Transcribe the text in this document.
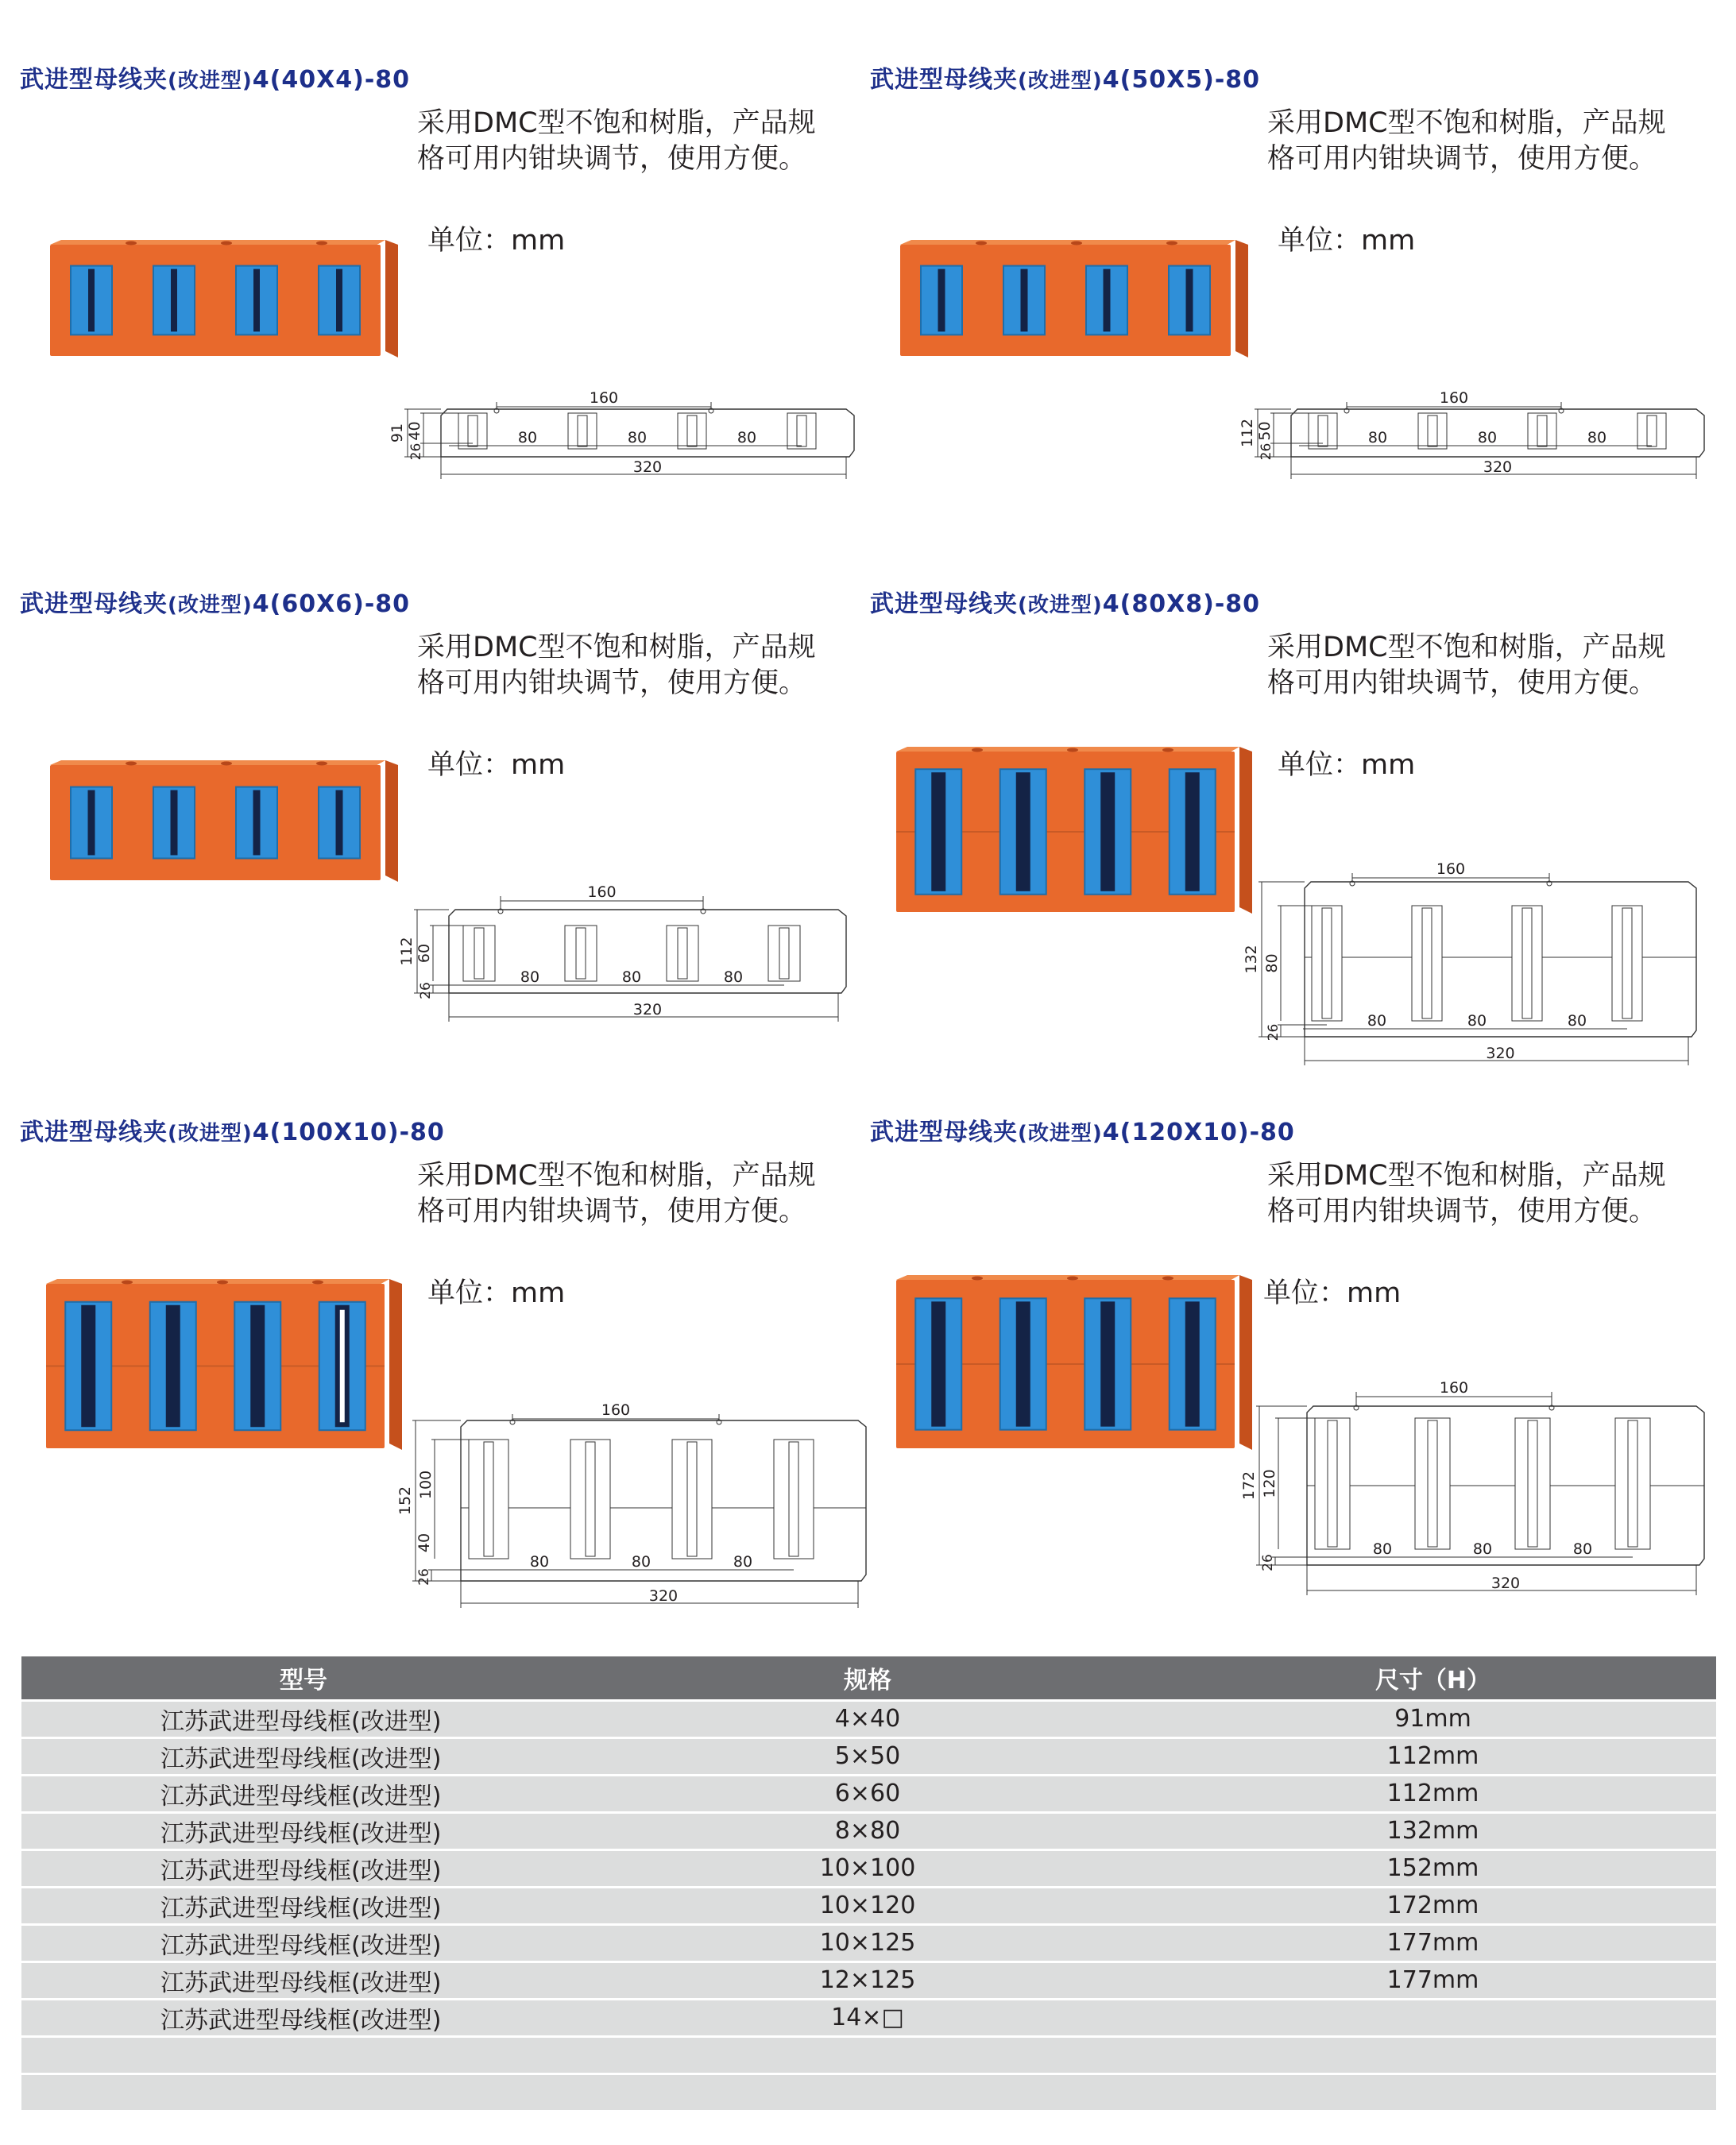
武进型母线夹(改进型)4(40X4)-80
采用DMC型不饱和树脂，产品规
格可用内钳块调节，使用方便。
单位：mm
160
80	80	80
320
91 40
26
武进型母线夹(改进型)4(50X5)-80
采用DMC型不饱和树脂，产品规
格可用内钳块调节，使用方便。
单位：mm
160
80	80	80
320
112 50
26
武进型母线夹(改进型)4(60X6)-80
采用DMC型不饱和树脂，产品规
格可用内钳块调节，使用方便。
单位：mm
160
80	80	80
320
112 60
26
武进型母线夹(改进型)4(80X8)-80
采用DMC型不饱和树脂，产品规
格可用内钳块调节，使用方便。
单位：mm
160
80	80	80
320
132 80
26
武进型母线夹(改进型)4(100X10)-80
采用DMC型不饱和树脂，产品规
格可用内钳块调节，使用方便。
单位：mm
160
80	80	80
320
152
100
40
26
武进型母线夹(改进型)4(120X10)-80
采用DMC型不饱和树脂，产品规
格可用内钳块调节，使用方便。
单位：mm
160
80	80	80
320
172 120
26
型号	规格	尺寸（H）
江苏武进型母线框(改进型)	4×40	91mm
江苏武进型母线框(改进型)	5×50	112mm
江苏武进型母线框(改进型)	6×60	112mm
江苏武进型母线框(改进型)	8×80	132mm
江苏武进型母线框(改进型)	10×100	152mm
江苏武进型母线框(改进型)	10×120	172mm
江苏武进型母线框(改进型)	10×125	177mm
江苏武进型母线框(改进型)	12×125	177mm
江苏武进型母线框(改进型)	14×□	
